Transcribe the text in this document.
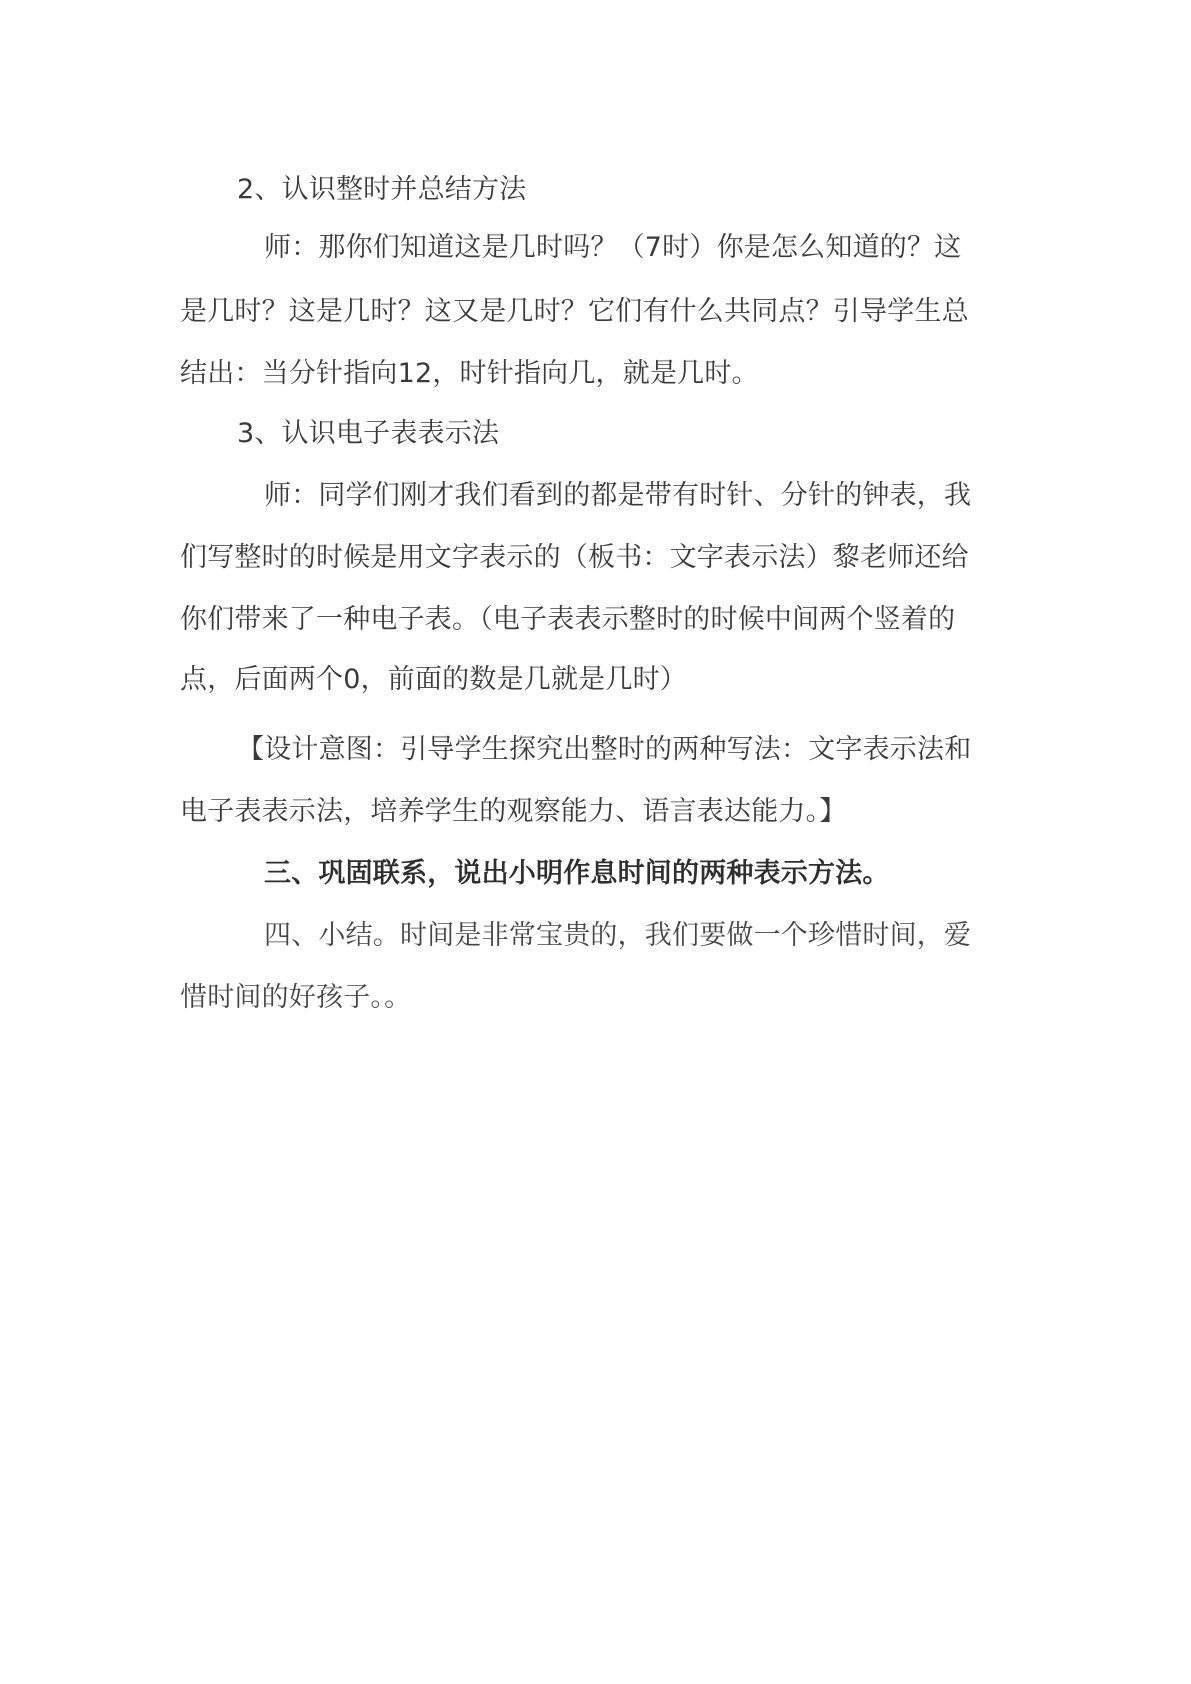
2、认识整时并总结方法
师：那你们知道这是几时吗？（7时）你是怎么知道的？这
是几时？这是几时？这又是几时？它们有什么共同点？引导学生总
结出：当分针指向12，时针指向几，就是几时。
3、认识电子表表示法
师：同学们刚才我们看到的都是带有时针、分针的钟表，我
们写整时的时候是用文字表示的（板书：文字表示法）黎老师还给
你们带来了一种电子表。（电子表表示整时的时候中间两个竖着的
点，后面两个0，前面的数是几就是几时）
【设计意图：引导学生探究出整时的两种写法：文字表示法和
电子表表示法，培养学生的观察能力、语言表达能力。】
三、巩固联系，说出小明作息时间的两种表示方法。
四、小结。时间是非常宝贵的，我们要做一个珍惜时间，爱
惜时间的好孩子。。
